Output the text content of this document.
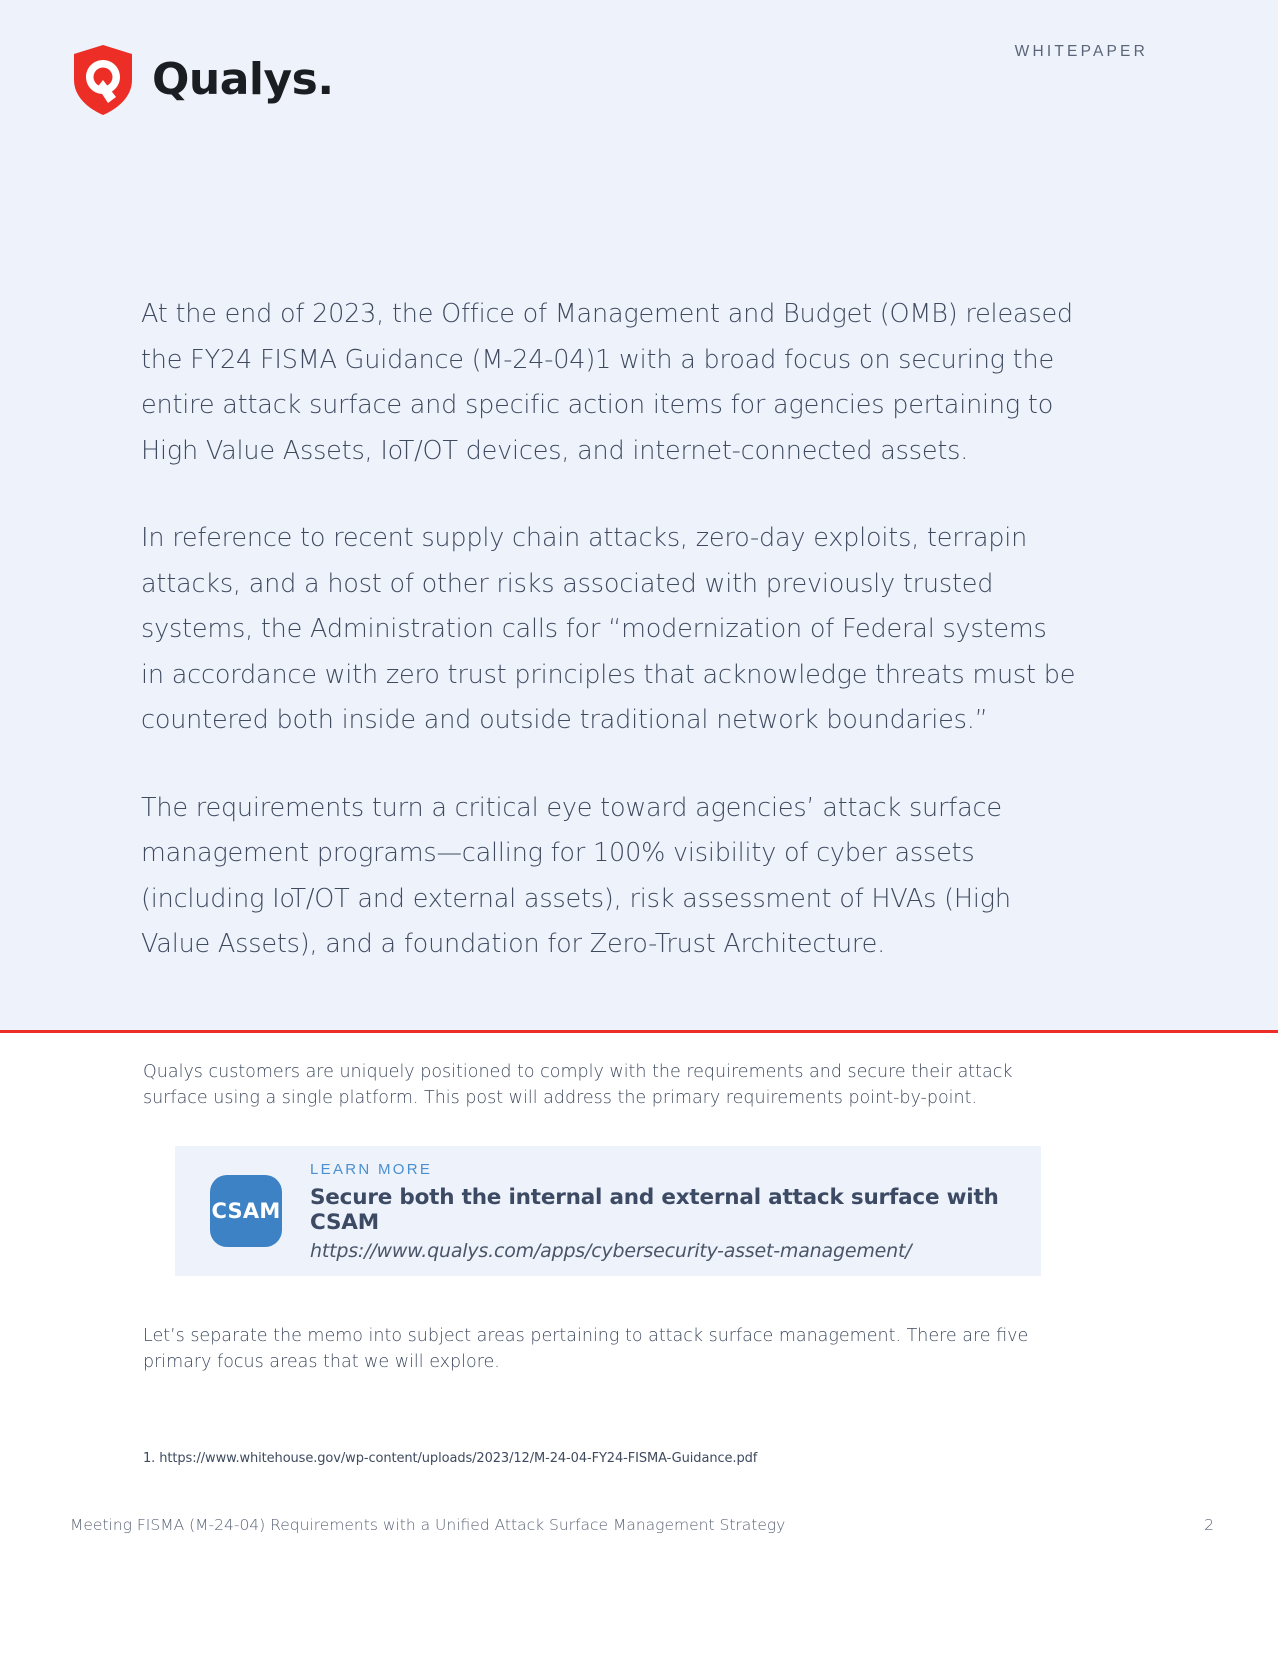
Qualys.
WHITEPAPER

At the end of 2023, the Office of Management and Budget (OMB) released the FY24 FISMA Guidance (M-24-04)1 with a broad focus on securing the entire attack surface and specific action items for agencies pertaining to High Value Assets, IoT/OT devices, and internet-connected assets.

In reference to recent supply chain attacks, zero-day exploits, terrapin attacks, and a host of other risks associated with previously trusted systems, the Administration calls for “modernization of Federal systems in accordance with zero trust principles that acknowledge threats must be countered both inside and outside traditional network boundaries.”

The requirements turn a critical eye toward agencies’ attack surface management programs—calling for 100% visibility of cyber assets (including IoT/OT and external assets), risk assessment of HVAs (High Value Assets), and a foundation for Zero-Trust Architecture.

Qualys customers are uniquely positioned to comply with the requirements and secure their attack surface using a single platform. This post will address the primary requirements point-by-point.
CSAM
LEARN MORE
Secure both the internal and external attack surface with CSAM
https://www.qualys.com/apps/cybersecurity-asset-management/
Let’s separate the memo into subject areas pertaining to attack surface management. There are five primary focus areas that we will explore.
1. https://www.whitehouse.gov/wp-content/uploads/2023/12/M-24-04-FY24-FISMA-Guidance.pdf
Meeting FISMA (M-24-04) Requirements with a Unified Attack Surface Management Strategy	2
